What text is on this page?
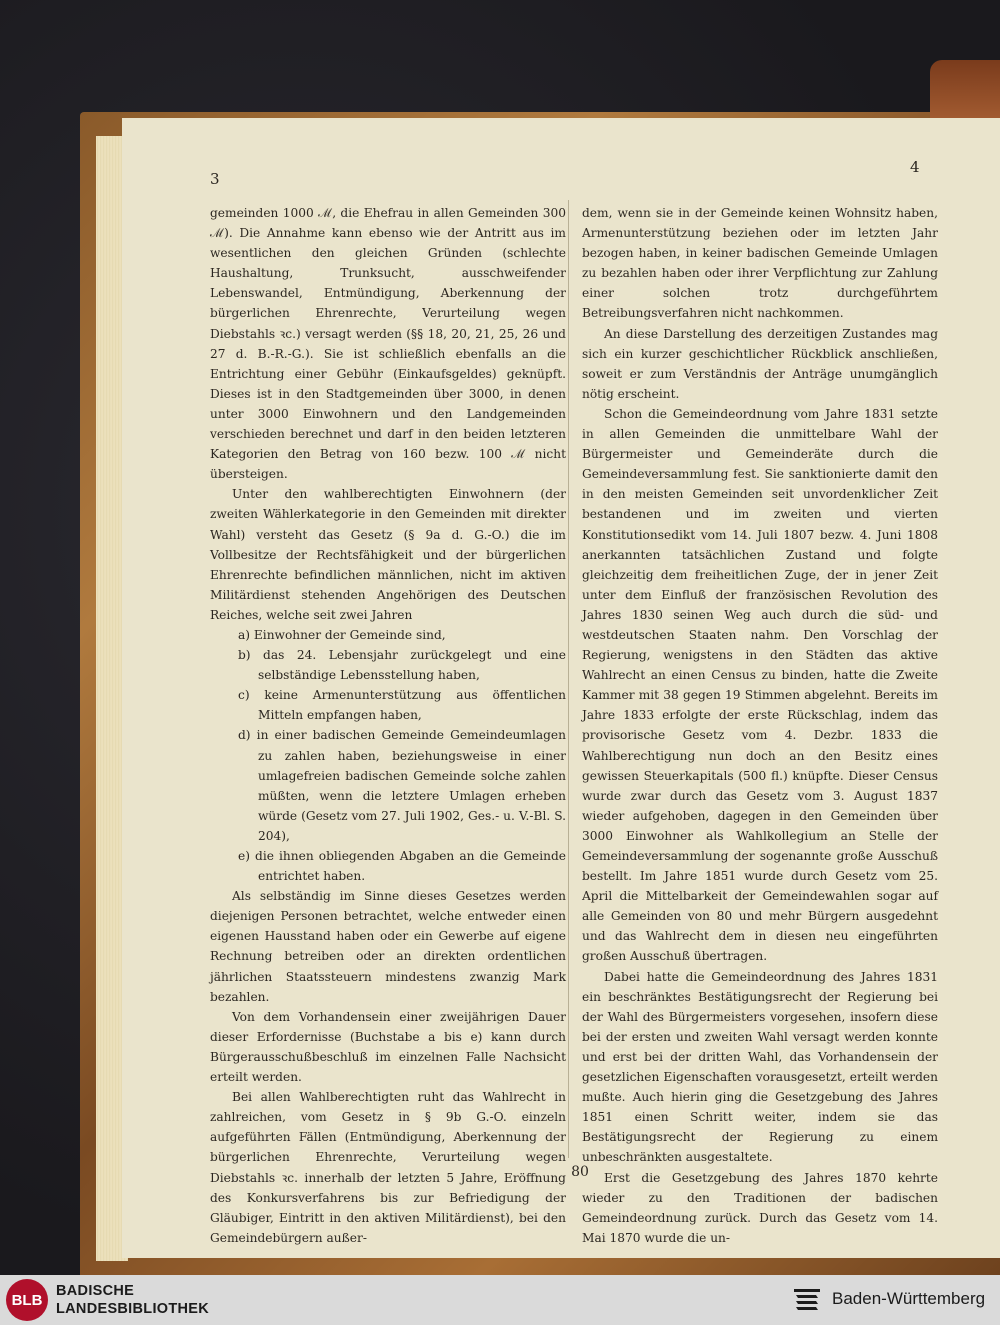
3
4

gemeinden 1000 ℳ, die Ehefrau in allen Gemeinden 300 ℳ). Die Annahme kann ebenso wie der Antritt aus im wesentlichen den gleichen Gründen (schlechte Haushaltung, Trunksucht, ausschweifender Lebenswandel, Entmündigung, Aberkennung der bürgerlichen Ehrenrechte, Verurteilung wegen Diebstahls ꝛc.) versagt werden (§§ 18, 20, 21, 25, 26 und 27 d. B.-R.-G.). Sie ist schließlich ebenfalls an die Entrichtung einer Gebühr (Einkaufsgeldes) geknüpft. Dieses ist in den Stadtgemeinden über 3000, in denen unter 3000 Einwohnern und den Landgemeinden verschieden berechnet und darf in den beiden letzteren Kategorien den Betrag von 160 bezw. 100 ℳ nicht übersteigen.

Unter den wahlberechtigten Einwohnern (der zweiten Wählerkategorie in den Gemeinden mit direkter Wahl) versteht das Gesetz (§ 9a d. G.-O.) die im Vollbesitze der Rechtsfähigkeit und der bürgerlichen Ehrenrechte befindlichen männlichen, nicht im aktiven Militärdienst stehenden Angehörigen des Deutschen Reiches, welche seit zwei Jahren

a) Einwohner der Gemeinde sind,

b) das 24. Lebensjahr zurückgelegt und eine selbständige Lebensstellung haben,

c) keine Armenunterstützung aus öffentlichen Mitteln empfangen haben,

d) in einer badischen Gemeinde Gemeindeumlagen zu zahlen haben, beziehungsweise in einer umlagefreien badischen Gemeinde solche zahlen müßten, wenn die letztere Umlagen erheben würde (Gesetz vom 27. Juli 1902, Ges.- u. V.-Bl. S. 204),

e) die ihnen obliegenden Abgaben an die Gemeinde entrichtet haben.

Als selbständig im Sinne dieses Gesetzes werden diejenigen Personen betrachtet, welche entweder einen eigenen Hausstand haben oder ein Gewerbe auf eigene Rechnung betreiben oder an direkten ordentlichen jährlichen Staatssteuern mindestens zwanzig Mark bezahlen.

Von dem Vorhandensein einer zweijährigen Dauer dieser Erfordernisse (Buchstabe a bis e) kann durch Bürgerausschußbeschluß im einzelnen Falle Nachsicht erteilt werden.

Bei allen Wahlberechtigten ruht das Wahlrecht in zahlreichen, vom Gesetz in § 9b G.-O. einzeln aufgeführten Fällen (Entmündigung, Aberkennung der bürgerlichen Ehrenrechte, Verurteilung wegen Diebstahls ꝛc. innerhalb der letzten 5 Jahre, Eröffnung des Konkursverfahrens bis zur Befriedigung der Gläubiger, Eintritt in den aktiven Militärdienst), bei den Gemeindebürgern außer-

dem, wenn sie in der Gemeinde keinen Wohnsitz haben, Armenunterstützung beziehen oder im letzten Jahr bezogen haben, in keiner badischen Gemeinde Umlagen zu bezahlen haben oder ihrer Verpflichtung zur Zahlung einer solchen trotz durchgeführtem Betreibungsverfahren nicht nachkommen.

An diese Darstellung des derzeitigen Zustandes mag sich ein kurzer geschichtlicher Rückblick anschließen, soweit er zum Verständnis der Anträge unumgänglich nötig erscheint.

Schon die Gemeindeordnung vom Jahre 1831 setzte in allen Gemeinden die unmittelbare Wahl der Bürgermeister und Gemeinderäte durch die Gemeindeversammlung fest. Sie sanktionierte damit den in den meisten Gemeinden seit unvordenklicher Zeit bestandenen und im zweiten und vierten Konstitutionsedikt vom 14. Juli 1807 bezw. 4. Juni 1808 anerkannten tatsächlichen Zustand und folgte gleichzeitig dem freiheitlichen Zuge, der in jener Zeit unter dem Einfluß der französischen Revolution des Jahres 1830 seinen Weg auch durch die süd- und westdeutschen Staaten nahm. Den Vorschlag der Regierung, wenigstens in den Städten das aktive Wahlrecht an einen Census zu binden, hatte die Zweite Kammer mit 38 gegen 19 Stimmen abgelehnt. Bereits im Jahre 1833 erfolgte der erste Rückschlag, indem das provisorische Gesetz vom 4. Dezbr. 1833 die Wahlberechtigung nun doch an den Besitz eines gewissen Steuerkapitals (500 fl.) knüpfte. Dieser Census wurde zwar durch das Gesetz vom 3. August 1837 wieder aufgehoben, dagegen in den Gemeinden über 3000 Einwohner als Wahlkollegium an Stelle der Gemeindeversammlung der sogenannte große Ausschuß bestellt. Im Jahre 1851 wurde durch Gesetz vom 25. April die Mittelbarkeit der Gemeindewahlen sogar auf alle Gemeinden von 80 und mehr Bürgern ausgedehnt und das Wahlrecht dem in diesen neu eingeführten großen Ausschuß übertragen.

Dabei hatte die Gemeindeordnung des Jahres 1831 ein beschränktes Bestätigungsrecht der Regierung bei der Wahl des Bürgermeisters vorgesehen, insofern diese bei der ersten und zweiten Wahl versagt werden konnte und erst bei der dritten Wahl, das Vorhandensein der gesetzlichen Eigenschaften vorausgesetzt, erteilt werden mußte. Auch hierin ging die Gesetzgebung des Jahres 1851 einen Schritt weiter, indem sie das Bestätigungsrecht der Regierung zu einem unbeschränkten ausgestaltete.

Erst die Gesetzgebung des Jahres 1870 kehrte wieder zu den Traditionen der badischen Gemeindeordnung zurück. Durch das Gesetz vom 14. Mai 1870 wurde die un-

80
BLB
BADISCHE
LANDESBIBLIOTHEK
Baden-Württemberg
